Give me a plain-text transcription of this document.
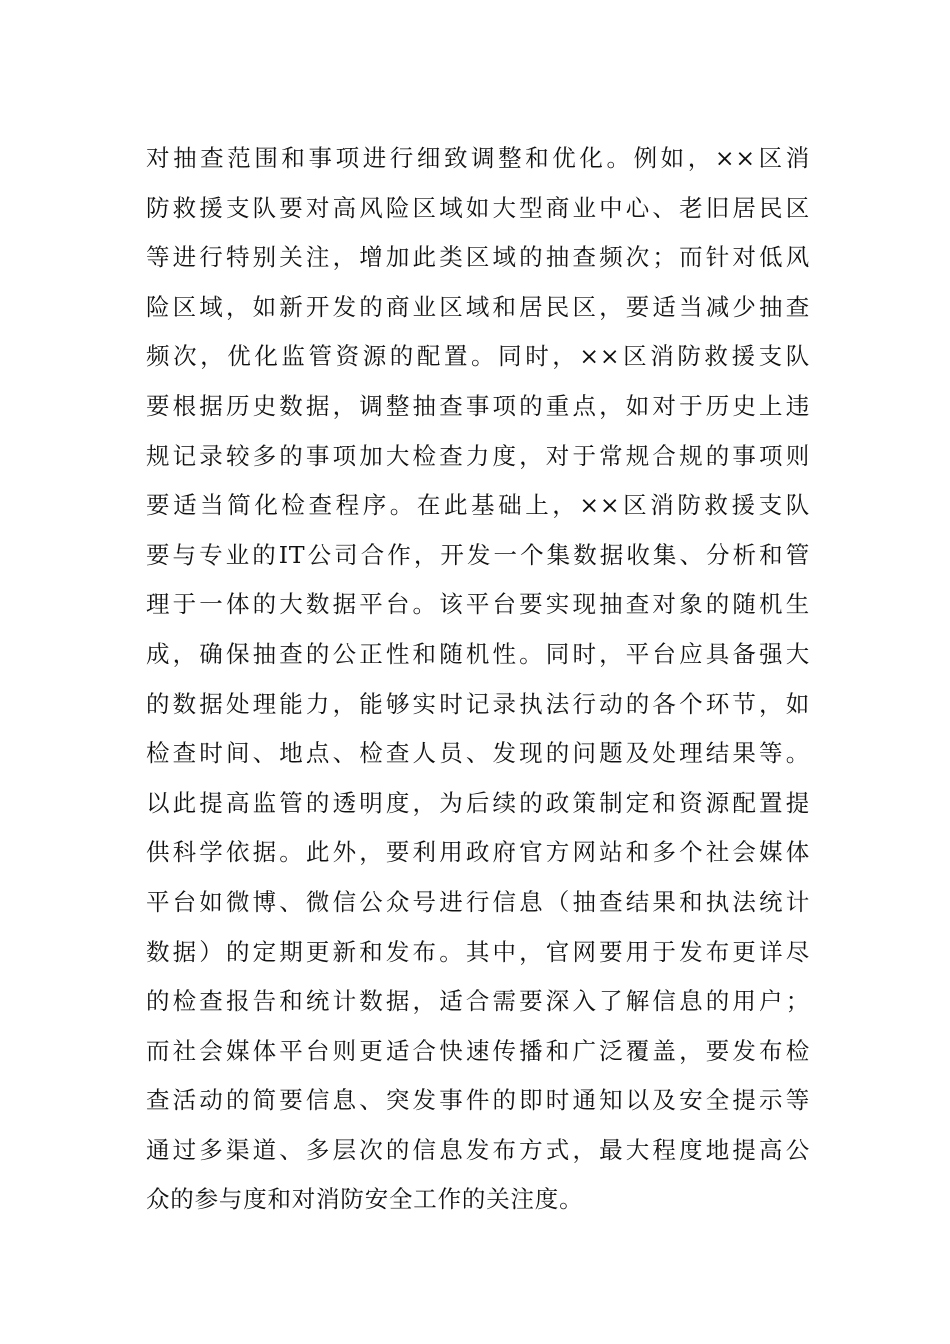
对抽查范围和事项进行细致调整和优化。例如，××区消
防救援支队要对高风险区域如大型商业中心、老旧居民区
等进行特别关注，增加此类区域的抽查频次；而针对低风
险区域，如新开发的商业区域和居民区，要适当减少抽查
频次，优化监管资源的配置。同时，××区消防救援支队
要根据历史数据，调整抽查事项的重点，如对于历史上违
规记录较多的事项加大检查力度，对于常规合规的事项则
要适当简化检查程序。在此基础上，××区消防救援支队
要与专业的IT公司合作，开发一个集数据收集、分析和管
理于一体的大数据平台。该平台要实现抽查对象的随机生
成，确保抽查的公正性和随机性。同时，平台应具备强大
的数据处理能力，能够实时记录执法行动的各个环节，如
检查时间、地点、检查人员、发现的问题及处理结果等。
以此提高监管的透明度，为后续的政策制定和资源配置提
供科学依据。此外，要利用政府官方网站和多个社会媒体
平台如微博、微信公众号进行信息（抽查结果和执法统计
数据）的定期更新和发布。其中，官网要用于发布更详尽
的检查报告和统计数据，适合需要深入了解信息的用户；
而社会媒体平台则更适合快速传播和广泛覆盖，要发布检
查活动的简要信息、突发事件的即时通知以及安全提示等
通过多渠道、多层次的信息发布方式，最大程度地提高公
众的参与度和对消防安全工作的关注度。
